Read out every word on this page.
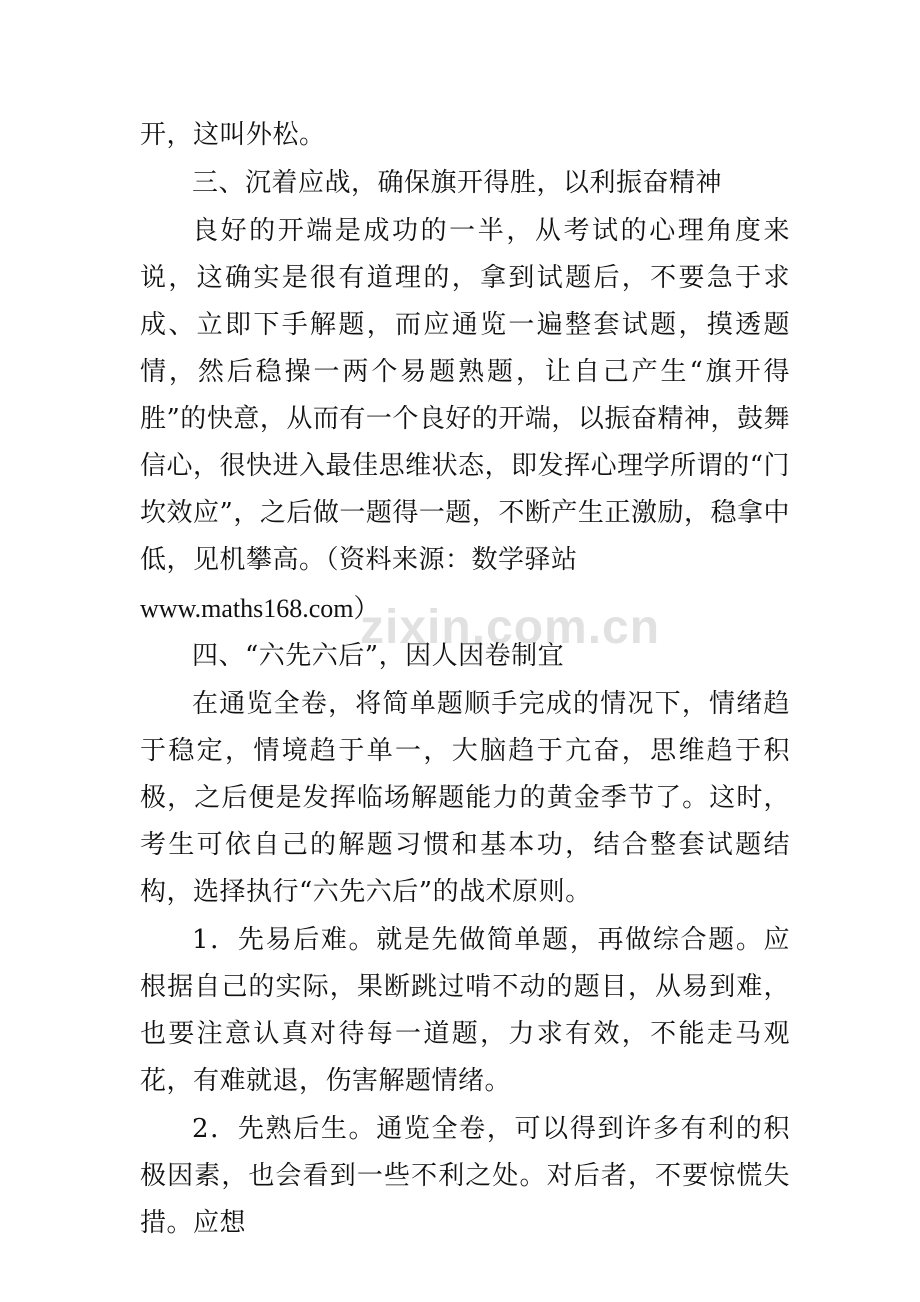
开，这叫外松。

三、沉着应战，确保旗开得胜，以利振奋精神

良好的开端是成功的一半，从考试的心理角度来说，这确实是很有道理的，拿到试题后，不要急于求成、立即下手解题，而应通览一遍整套试题，摸透题情，然后稳操一两个易题熟题，让自己产生“旗开得胜”的快意，从而有一个良好的开端，以振奋精神，鼓舞信心，很快进入最佳思维状态，即发挥心理学所谓的“门坎效应”，之后做一题得一题，不断产生正激励，稳拿中低，见机攀高。（资料来源：数学驿站

www.maths168.com）

四、“六先六后”，因人因卷制宜

在通览全卷，将简单题顺手完成的情况下，情绪趋于稳定，情境趋于单一，大脑趋于亢奋，思维趋于积极，之后便是发挥临场解题能力的黄金季节了。这时，考生可依自己的解题习惯和基本功，结合整套试题结构，选择执行“六先六后”的战术原则。

1．先易后难。就是先做简单题，再做综合题。应根据自己的实际，果断跳过啃不动的题目，从易到难，也要注意认真对待每一道题，力求有效，不能走马观花，有难就退，伤害解题情绪。

2．先熟后生。通览全卷，可以得到许多有利的积极因素，也会看到一些不利之处。对后者，不要惊慌失措。应想

zixin.com.cn
